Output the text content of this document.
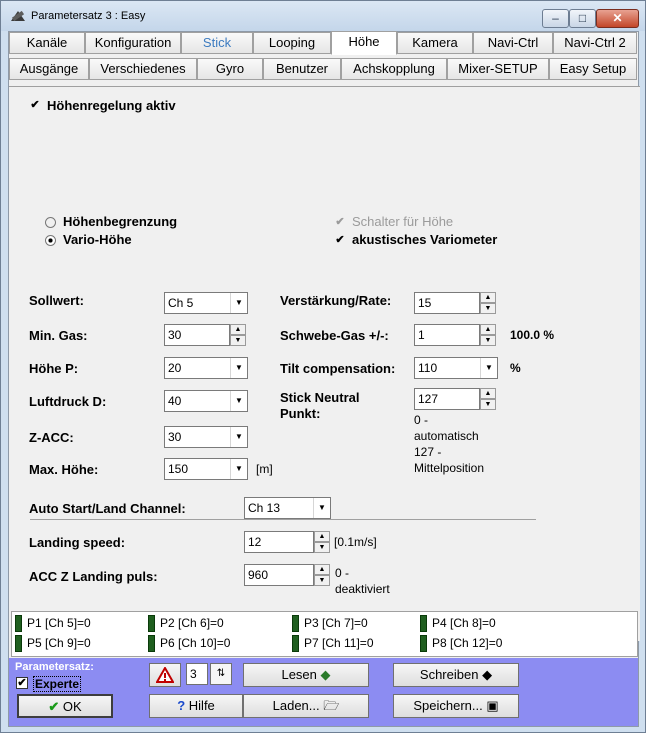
Parametersatz 3 : Easy	‒	□	✕
Kanäle	Konfiguration	Stick	Looping	Höhe	Kamera	Navi-Ctrl	Navi-Ctrl 2
Ausgänge	Verschiedenes	Gyro	Benutzer	Achskopplung	Mixer-SETUP	Easy Setup
✔ Höhenregelung aktiv
Höhenbegrenzung
Vario-Höhe
✔ Schalter für Höhe
✔ akustisches Variometer
Sollwert:	Ch 5	▼
Min. Gas:	30	▲
▼
Höhe P:	20	▼
Luftdruck D:	40	▼
Z-ACC:	30	▼
Max. Höhe:	150	▼	[m]
Verstärkung/Rate: 15	▲
▼
Schwebe-Gas +/-: 1	▲
▼	100.0 %
Tilt compensation: 110	▼	%
Stick Neutral
Punkt:
127	▲
▼
0 -
automatisch
127 -
Mittelposition
Auto Start/Land Channel:	Ch 13	▼
Landing speed:	12	▲
▼ [0.1m/s]
ACC Z Landing puls:	960	▲
▼
0 -
deaktiviert
P1 [Ch 5]=0	P2 [Ch 6]=0	P3 [Ch 7]=0	P4 [Ch 8]=0
P5 [Ch 9]=0	P6 [Ch 10]=0	P7 [Ch 11]=0	P8 [Ch 12]=0
Parametersatz:
✔ Experte
3	⇅	Lesen ◆	Schreiben ◆
✔ OK	? Hilfe	Laden... 🗁	Speichern... ▣
